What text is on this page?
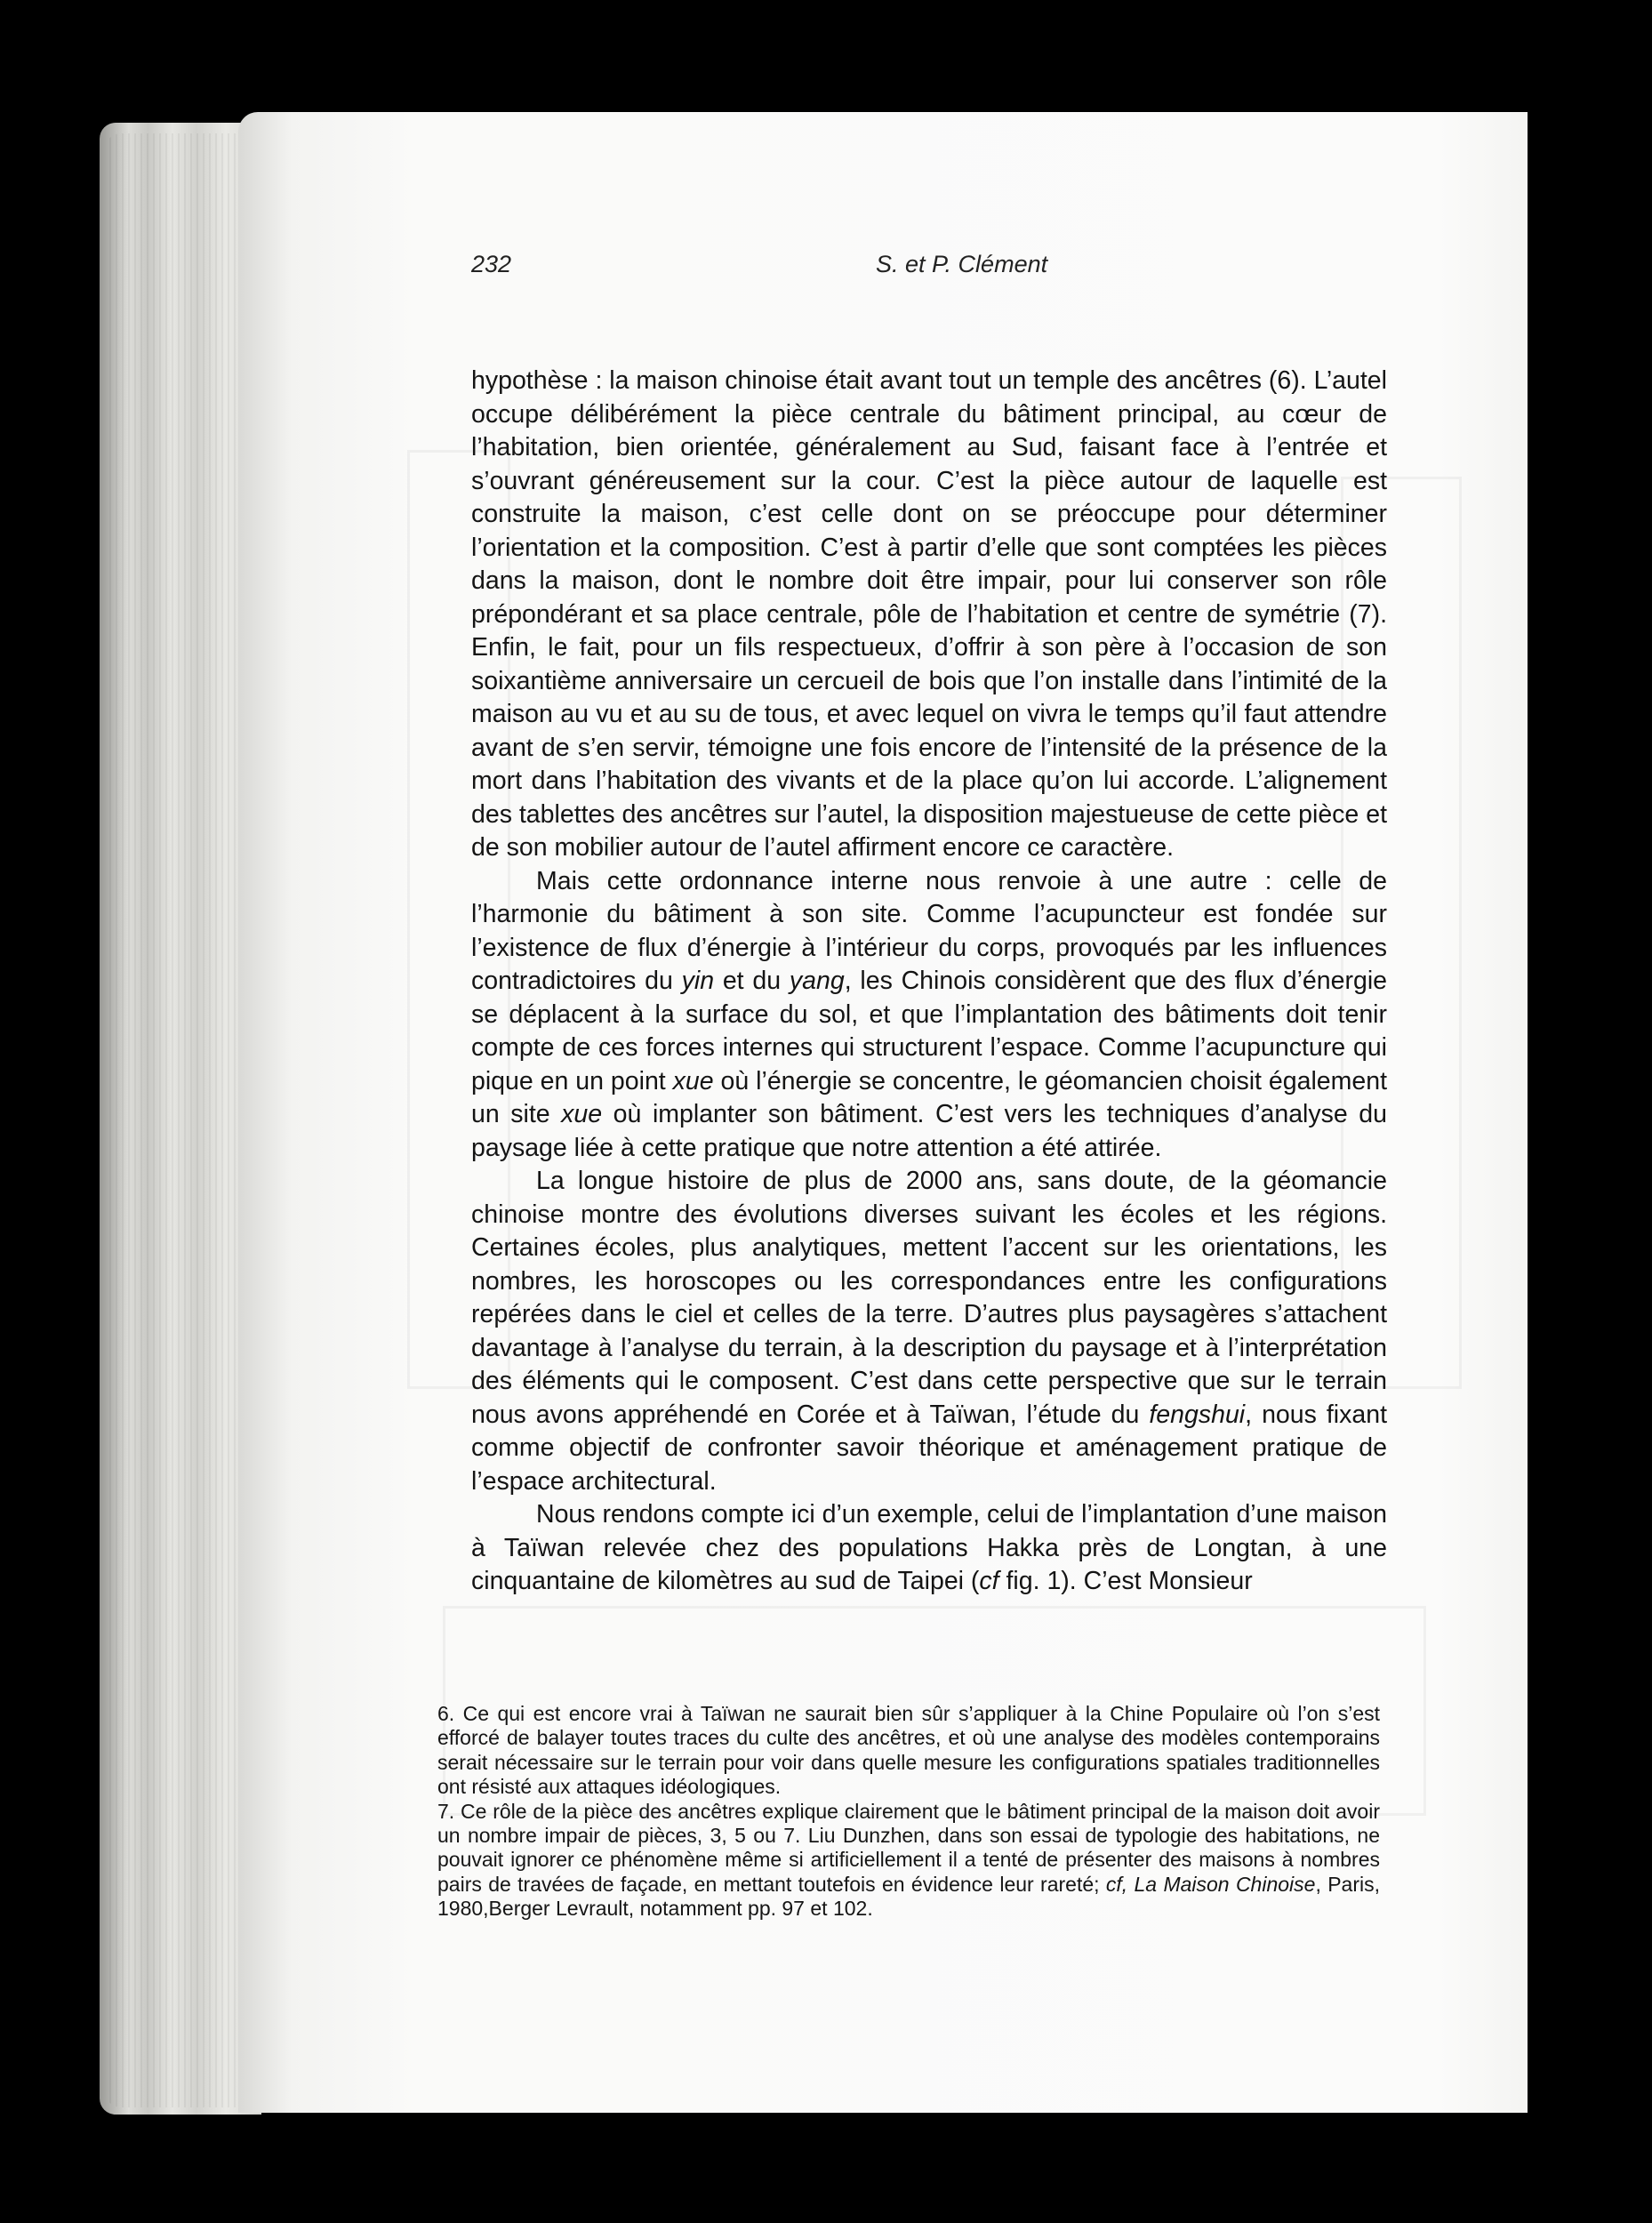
232	S. et P. Clément

hypothèse : la maison chinoise était avant tout un temple des ancêtres (6). L’autel occupe délibérément la pièce centrale du bâtiment principal, au cœur de l’habitation, bien orientée, généralement au Sud, faisant face à l’entrée et s’ouvrant généreusement sur la cour. C’est la pièce autour de laquelle est construite la maison, c’est celle dont on se préoccupe pour déterminer l’orientation et la composition. C’est à partir d’elle que sont comptées les pièces dans la maison, dont le nombre doit être impair, pour lui conserver son rôle prépondérant et sa place centrale, pôle de l’habitation et centre de symétrie (7). Enfin, le fait, pour un fils respectueux, d’offrir à son père à l’occasion de son soixantième anniversaire un cercueil de bois que l’on installe dans l’intimité de la maison au vu et au su de tous, et avec lequel on vivra le temps qu’il faut attendre avant de s’en servir, témoigne une fois encore de l’intensité de la présence de la mort dans l’habitation des vivants et de la place qu’on lui accorde. L’alignement des tablettes des ancêtres sur l’autel, la disposition majestueuse de cette pièce et de son mobilier autour de l’autel affirment encore ce caractère.

Mais cette ordonnance interne nous renvoie à une autre : celle de l’harmonie du bâtiment à son site. Comme l’acupuncteur est fondée sur l’existence de flux d’énergie à l’intérieur du corps, provoqués par les influences contradictoires du yin et du yang, les Chinois considèrent que des flux d’énergie se déplacent à la surface du sol, et que l’implantation des bâtiments doit tenir compte de ces forces internes qui structurent l’espace. Comme l’acupuncture qui pique en un point xue où l’énergie se concentre, le géomancien choisit également un site xue où implanter son bâtiment. C’est vers les techniques d’analyse du paysage liée à cette pratique que notre attention a été attirée.

La longue histoire de plus de 2000 ans, sans doute, de la géomancie chinoise montre des évolutions diverses suivant les écoles et les régions. Certaines écoles, plus analytiques, mettent l’accent sur les orientations, les nombres, les horoscopes ou les correspondances entre les configurations repérées dans le ciel et celles de la terre. D’autres plus paysagères s’attachent davantage à l’analyse du terrain, à la description du paysage et à l’interprétation des éléments qui le composent. C’est dans cette perspective que sur le terrain nous avons appréhendé en Corée et à Taïwan, l’étude du fengshui, nous fixant comme objectif de confronter savoir théorique et aménagement pratique de l’espace architectural.

Nous rendons compte ici d’un exemple, celui de l’implantation d’une maison à Taïwan relevée chez des populations Hakka près de Longtan, à une cinquantaine de kilomètres au sud de Taipei (cf fig. 1). C’est Monsieur

6. Ce qui est encore vrai à Taïwan ne saurait bien sûr s’appliquer à la Chine Populaire où l’on s’est efforcé de balayer toutes traces du culte des ancêtres, et où une analyse des modèles contemporains serait nécessaire sur le terrain pour voir dans quelle mesure les configurations spatiales traditionnelles ont résisté aux attaques idéologiques.

7. Ce rôle de la pièce des ancêtres explique clairement que le bâtiment principal de la maison doit avoir un nombre impair de pièces, 3, 5 ou 7. Liu Dunzhen, dans son essai de typologie des habitations, ne pouvait ignorer ce phénomène même si artificiellement il a tenté de présenter des maisons à nombres pairs de travées de façade, en mettant toutefois en évidence leur rareté; cf, La Maison Chinoise, Paris, 1980,Berger Levrault, notamment pp. 97 et 102.
